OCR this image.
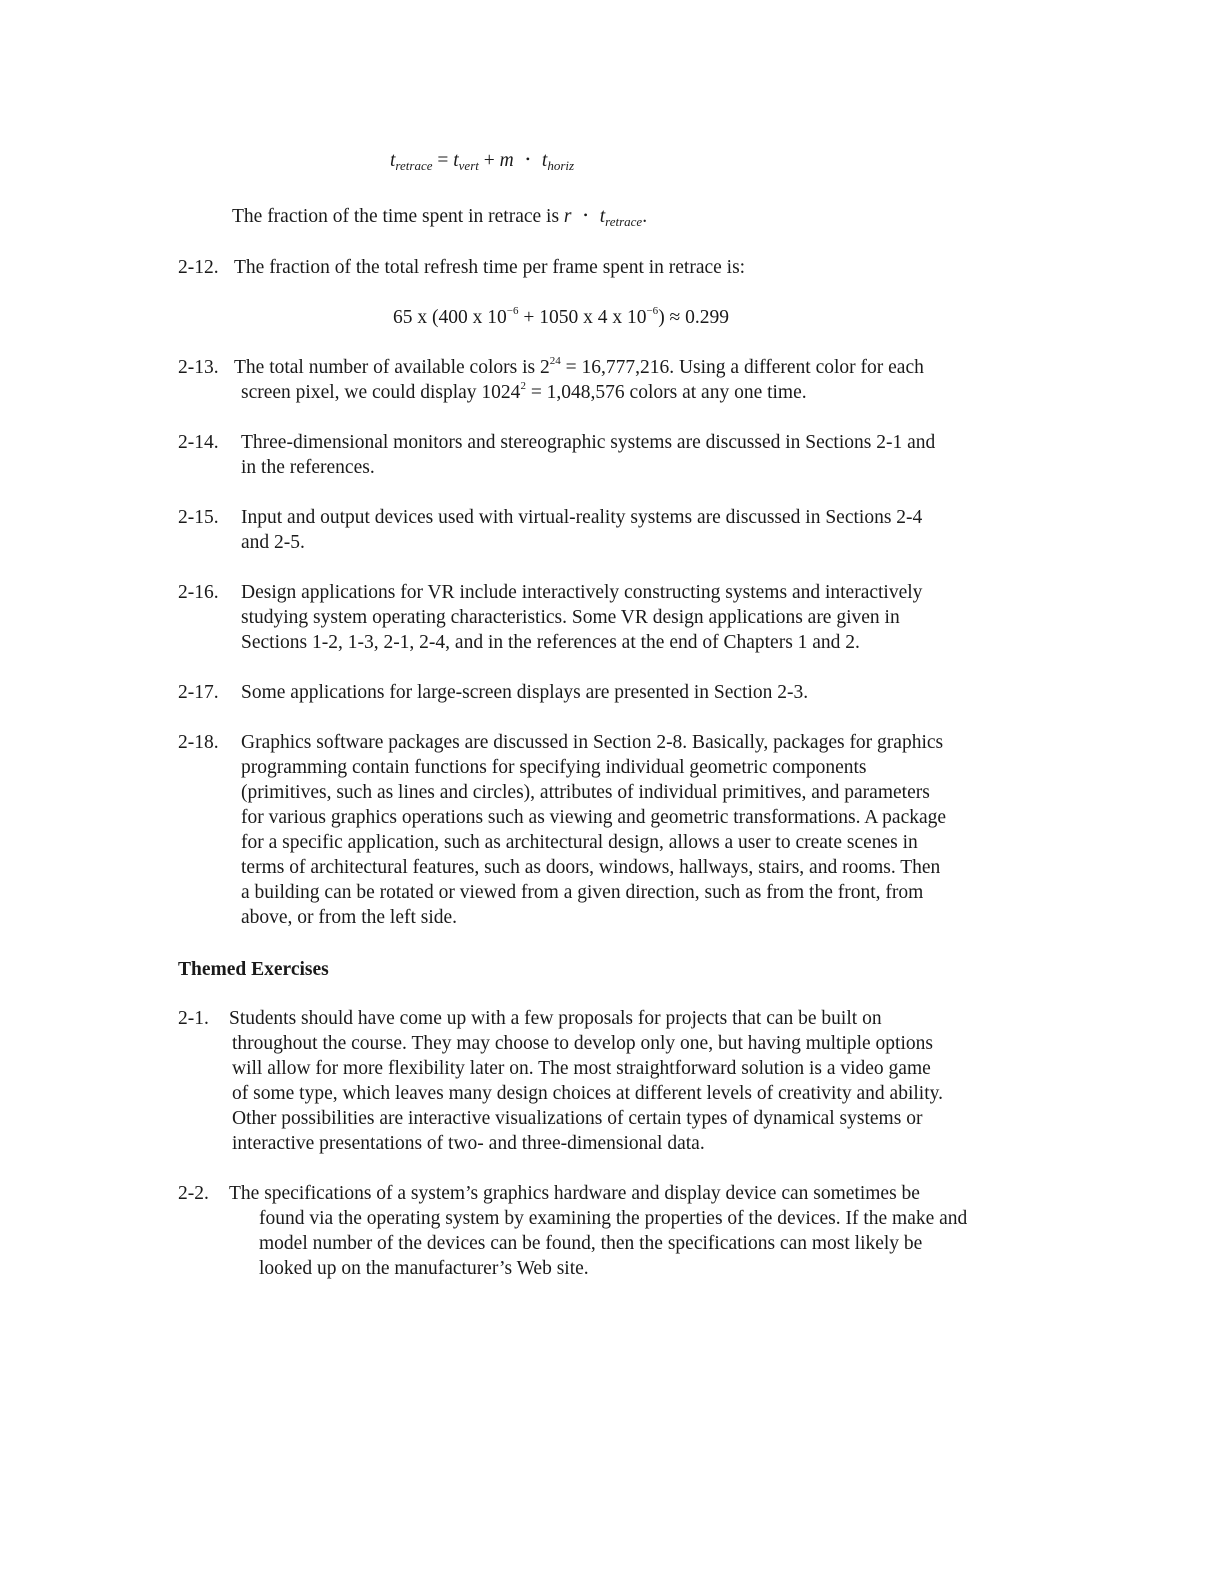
$t_{retrace} = t_{vert} + m$ • $t_{horiz}$

The fraction of the time spent in retrace is r • $t_{retrace}$.

2-12. The fraction of the total refresh time per frame spent in retrace is:

65 x (400 x $10^{-6} + 1050$ x 4 x $10^{-6}) \approx 0.299$

2-13. The total number of available colors is $2^{24} = 16,777,216$. Using a different color for each
screen pixel, we could display $1024^2 = 1,048,576$ colors at any one time.
2-14.	Three-dimensional monitors and stereographic systems are discussed in Sections 2-1 and
in the references.
2-15.	Input and output devices used with virtual-reality systems are discussed in Sections 2-4
and 2-5.
2-16.	Design applications for VR include interactively constructing systems and interactively
studying system operating characteristics. Some VR design applications are given in
Sections 1-2, 1-3, 2-1, 2-4, and in the references at the end of Chapters 1 and 2.
2-17.	Some applications for large-screen displays are presented in Section 2-3.
2-18.	Graphics software packages are discussed in Section 2-8. Basically, packages for graphics
programming contain functions for specifying individual geometric components
(primitives, such as lines and circles), attributes of individual primitives, and parameters
for various graphics operations such as viewing and geometric transformations. A package
for a specific application, such as architectural design, allows a user to create scenes in
terms of architectural features, such as doors, windows, hallways, stairs, and rooms. Then
a building can be rotated or viewed from a given direction, such as from the front, from
above, or from the left side.

Themed Exercises

2-1.	Students should have come up with a few proposals for projects that can be built on
throughout the course. They may choose to develop only one, but having multiple options
will allow for more flexibility later on. The most straightforward solution is a video game
of some type, which leaves many design choices at different levels of creativity and ability.
Other possibilities are interactive visualizations of certain types of dynamical systems or
interactive presentations of two- and three-dimensional data.
2-2.	The specifications of a system’s graphics hardware and display device can sometimes be
found via the operating system by examining the properties of the devices. If the make and
model number of the devices can be found, then the specifications can most likely be
looked up on the manufacturer’s Web site.
